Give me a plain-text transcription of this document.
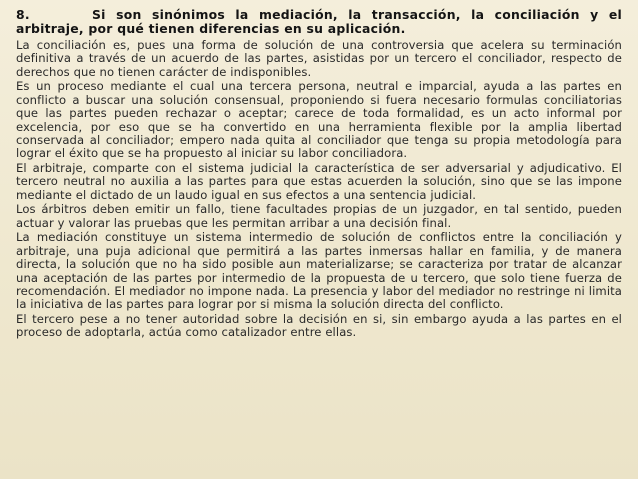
8.	Si son sinónimos la mediación, la transacción, la conciliación y el arbitraje, por qué tienen diferencias en su aplicación.

La conciliación es, pues una forma de solución de una controversia que acelera su terminación definitiva a través de un acuerdo de las partes, asistidas por un tercero el conciliador, respecto de derechos que no tienen carácter de indisponibles.

Es un proceso mediante el cual una tercera persona, neutral e imparcial, ayuda a las partes en conflicto a buscar una solución consensual, proponiendo si fuera necesario formulas conciliatorias que las partes pueden rechazar o aceptar; carece de toda formalidad, es un acto informal por excelencia, por eso que se ha convertido en una herramienta flexible por la amplia libertad conservada al conciliador; empero nada quita al conciliador que tenga su propia metodología para lograr el éxito que se ha propuesto al iniciar su labor conciliadora.

El arbitraje, comparte con el sistema judicial la característica de ser adversarial y adjudicativo. El tercero neutral no auxilia a las partes para que estas acuerden la solución, sino que se las impone mediante el dictado de un laudo igual en sus efectos a una sentencia judicial.

Los árbitros deben emitir un fallo, tiene facultades propias de un juzgador, en tal sentido, pueden actuar y valorar las pruebas que les permitan arribar a una decisión final.

La mediación constituye un sistema intermedio de solución de conflictos entre la conciliación y arbitraje, una puja adicional que permitirá a las partes inmersas hallar en familia, y de manera directa, la solución que no ha sido posible aun materializarse; se caracteriza por tratar de alcanzar una aceptación de las partes por intermedio de la propuesta de u tercero, que solo tiene fuerza de recomendación. El mediador no impone nada. La presencia y labor del mediador no restringe ni limita la iniciativa de las partes para lograr por si misma la solución directa del conflicto.

El tercero pese a no tener autoridad sobre la decisión en si, sin embargo ayuda a las partes en el proceso de adoptarla, actúa como catalizador entre ellas.
